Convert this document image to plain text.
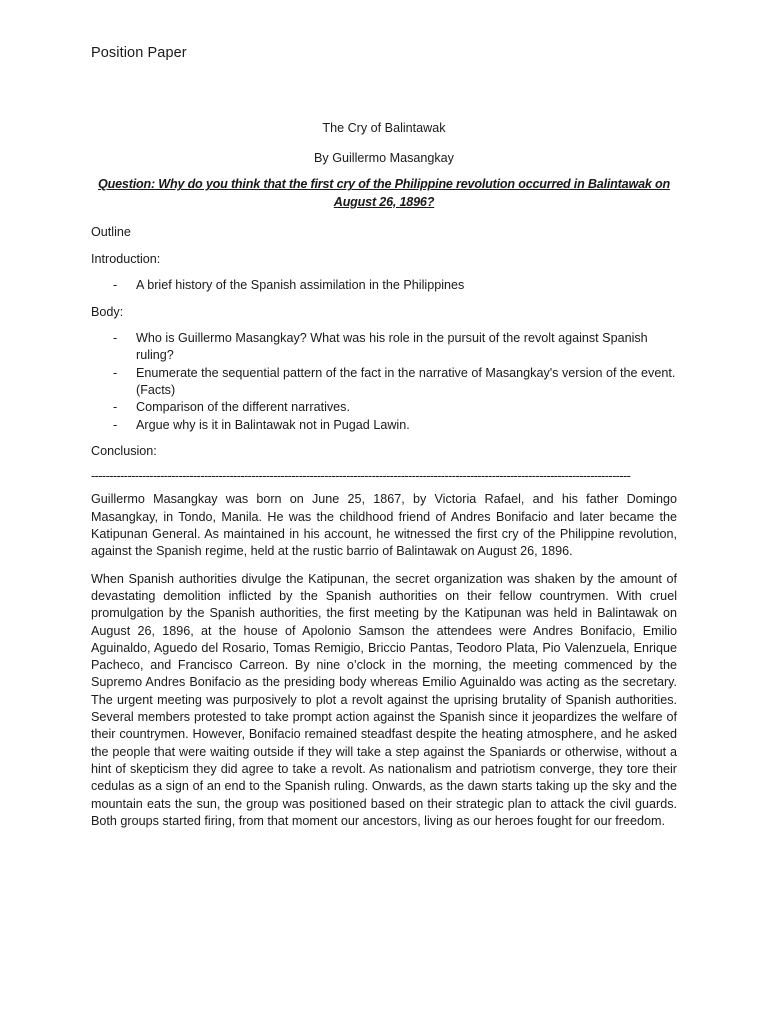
Position Paper

The Cry of Balintawak

By Guillermo Masangkay

Question: Why do you think that the first cry of the Philippine revolution occurred in Balintawak on August 26, 1896?

Outline

Introduction:

- A brief history of the Spanish assimilation in the Philippines

Body:

- Who is Guillermo Masangkay? What was his role in the pursuit of the revolt against Spanish ruling?
- Enumerate the sequential pattern of the fact in the narrative of Masangkay's version of the event. (Facts)
- Comparison of the different narratives.
- Argue why is it in Balintawak not in Pugad Lawin.

Conclusion:

----------------------------------------------------------------------------------------------------------------------------------------------------

Guillermo Masangkay was born on June 25, 1867, by Victoria Rafael, and his father Domingo Masangkay, in Tondo, Manila. He was the childhood friend of Andres Bonifacio and later became the Katipunan General. As maintained in his account, he witnessed the first cry of the Philippine revolution, against the Spanish regime, held at the rustic barrio of Balintawak on August 26, 1896.

When Spanish authorities divulge the Katipunan, the secret organization was shaken by the amount of devastating demolition inflicted by the Spanish authorities on their fellow countrymen. With cruel promulgation by the Spanish authorities, the first meeting by the Katipunan was held in Balintawak on August 26, 1896, at the house of Apolonio Samson the attendees were Andres Bonifacio, Emilio Aguinaldo, Aguedo del Rosario, Tomas Remigio, Briccio Pantas, Teodoro Plata, Pio Valenzuela, Enrique Pacheco, and Francisco Carreon. By nine o’clock in the morning, the meeting commenced by the Supremo Andres Bonifacio as the presiding body whereas Emilio Aguinaldo was acting as the secretary. The urgent meeting was purposively to plot a revolt against the uprising brutality of Spanish authorities. Several members protested to take prompt action against the Spanish since it jeopardizes the welfare of their countrymen. However, Bonifacio remained steadfast despite the heating atmosphere, and he asked the people that were waiting outside if they will take a step against the Spaniards or otherwise, without a hint of skepticism they did agree to take a revolt. As nationalism and patriotism converge, they tore their cedulas as a sign of an end to the Spanish ruling. Onwards, as the dawn starts taking up the sky and the mountain eats the sun, the group was positioned based on their strategic plan to attack the civil guards. Both groups started firing, from that moment our ancestors, living as our heroes fought for our freedom.
